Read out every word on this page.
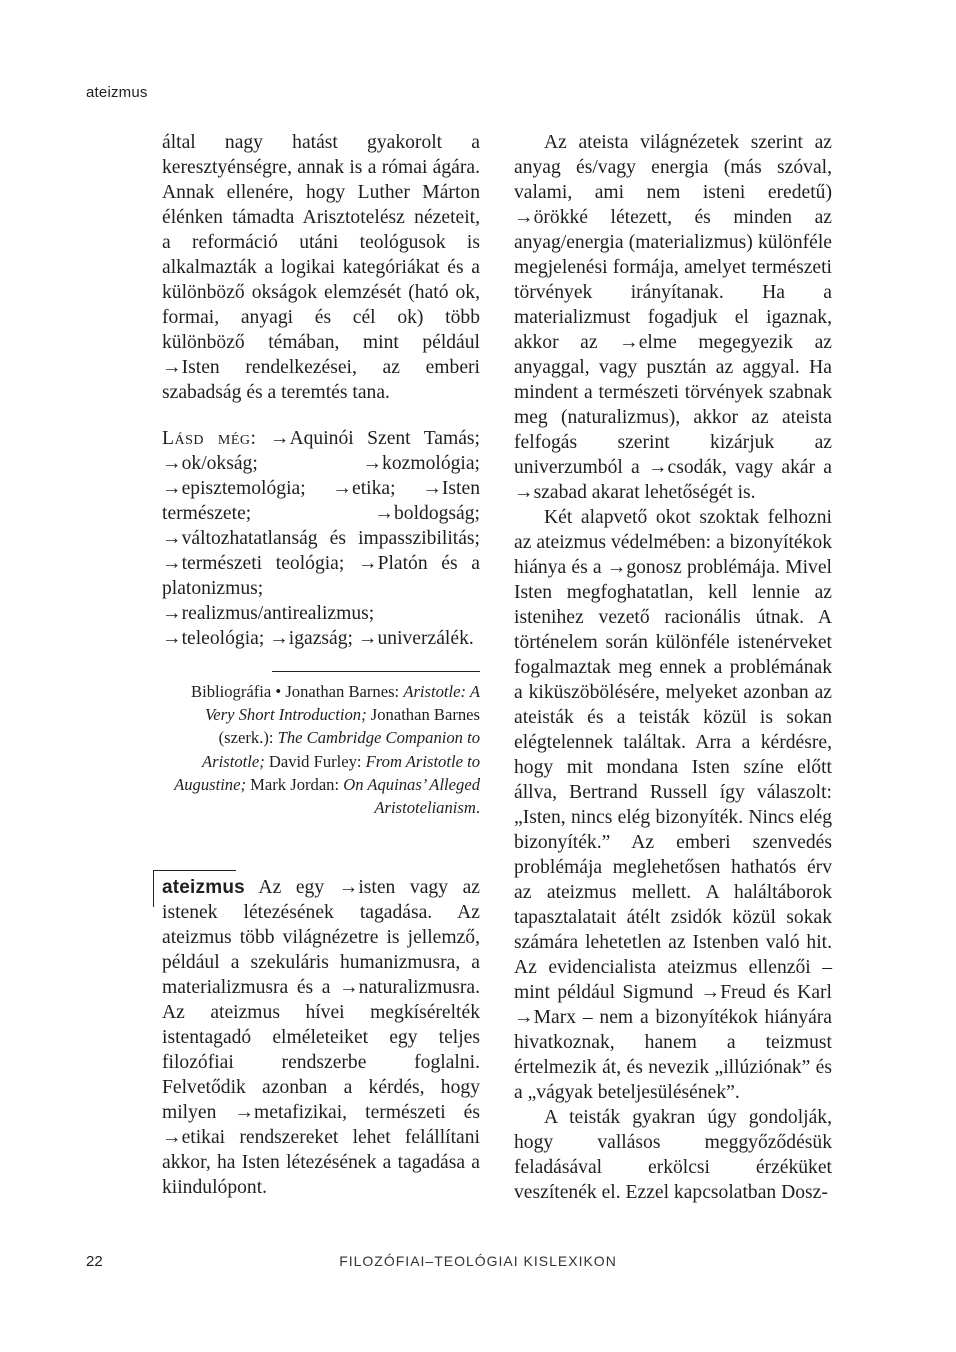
ateizmus

által nagy hatást gyakorolt a keresztyénségre, annak is a római ágára. Annak ellenére, hogy Luther Márton élénken támadta Arisztotelész nézeteit, a reformáció utáni teológusok is alkalmazták a logikai kategóriákat és a különböző okságok elemzését (ható ok, formai, anyagi és cél ok) több különböző témában, mint például →Isten rendelkezései, az emberi szabadság és a teremtés tana.

Lásd még: →Aquinói Szent Tamás; →ok/okság; →kozmológia; →episztemológia; →etika; →Isten természete; →boldogság; →változhatatlanság és impasszibilitás; →természeti teológia; →Platón és a platonizmus; →realizmus/antirealizmus; →teleológia; →igazság; →univerzálék.

Bibliográfia • Jonathan Barnes: Aristotle: A Very Short Introduction; Jonathan Barnes (szerk.): The Cambridge Companion to Aristotle; David Furley: From Aristotle to Augustine; Mark Jordan: On Aquinas’ Alleged Aristotelianism.

ateizmus Az egy →isten vagy az istenek létezésének tagadása. Az ateizmus több világnézetre is jellemző, például a szekuláris humanizmusra, a materializmusra és a →naturalizmusra. Az ateizmus hívei megkísérelték istentagadó elméleteiket egy teljes filozófiai rendszerbe foglalni. Felvetődik azonban a kérdés, hogy milyen →metafizikai, természeti és →etikai rendszereket lehet felállítani akkor, ha Isten létezésének a tagadása a kiindulópont.

Az ateista világnézetek szerint az anyag és/vagy energia (más szóval, valami, ami nem isteni eredetű) →örökké létezett, és minden az anyag/energia (materializmus) különféle megjelenési formája, amelyet természeti törvények irányítanak. Ha a materializmust fogadjuk el igaznak, akkor az →elme megegyezik az anyaggal, vagy pusztán az aggyal. Ha mindent a természeti törvények szabnak meg (naturalizmus), akkor az ateista felfogás szerint kizárjuk az univerzumból a →csodák, vagy akár a →szabad akarat lehetőségét is.

Két alapvető okot szoktak felhozni az ateizmus védelmében: a bizonyítékok hiánya és a →gonosz problémája. Mivel Isten megfoghatatlan, kell lennie az istenihez vezető racionális útnak. A történelem során különféle istenérveket fogalmaztak meg ennek a problémának a kiküszöbölésére, melyeket azonban az ateisták és a teisták közül is sokan elégtelennek találtak. Arra a kérdésre, hogy mit mondana Isten színe előtt állva, Bertrand Russell így válaszolt: „Isten, nincs elég bizonyíték. Nincs elég bizonyíték.” Az emberi szenvedés problémája meglehetősen hathatós érv az ateizmus mellett. A haláltáborok tapasztalatait átélt zsidók közül sokak számára lehetetlen az Istenben való hit. Az evidencialista ateizmus ellenzői – mint például Sigmund →Freud és Karl →Marx – nem a bizonyítékok hiányára hivatkoznak, hanem a teizmust értelmezik át, és nevezik „illúziónak” és a „vágyak beteljesülésének”.

A teisták gyakran úgy gondolják, hogy vallásos meggyőződésük feladásával erkölcsi érzéküket veszítenék el. Ezzel kapcsolatban Dosz-

22	FILOZÓFIAI–TEOLÓGIAI KISLEXIKON
